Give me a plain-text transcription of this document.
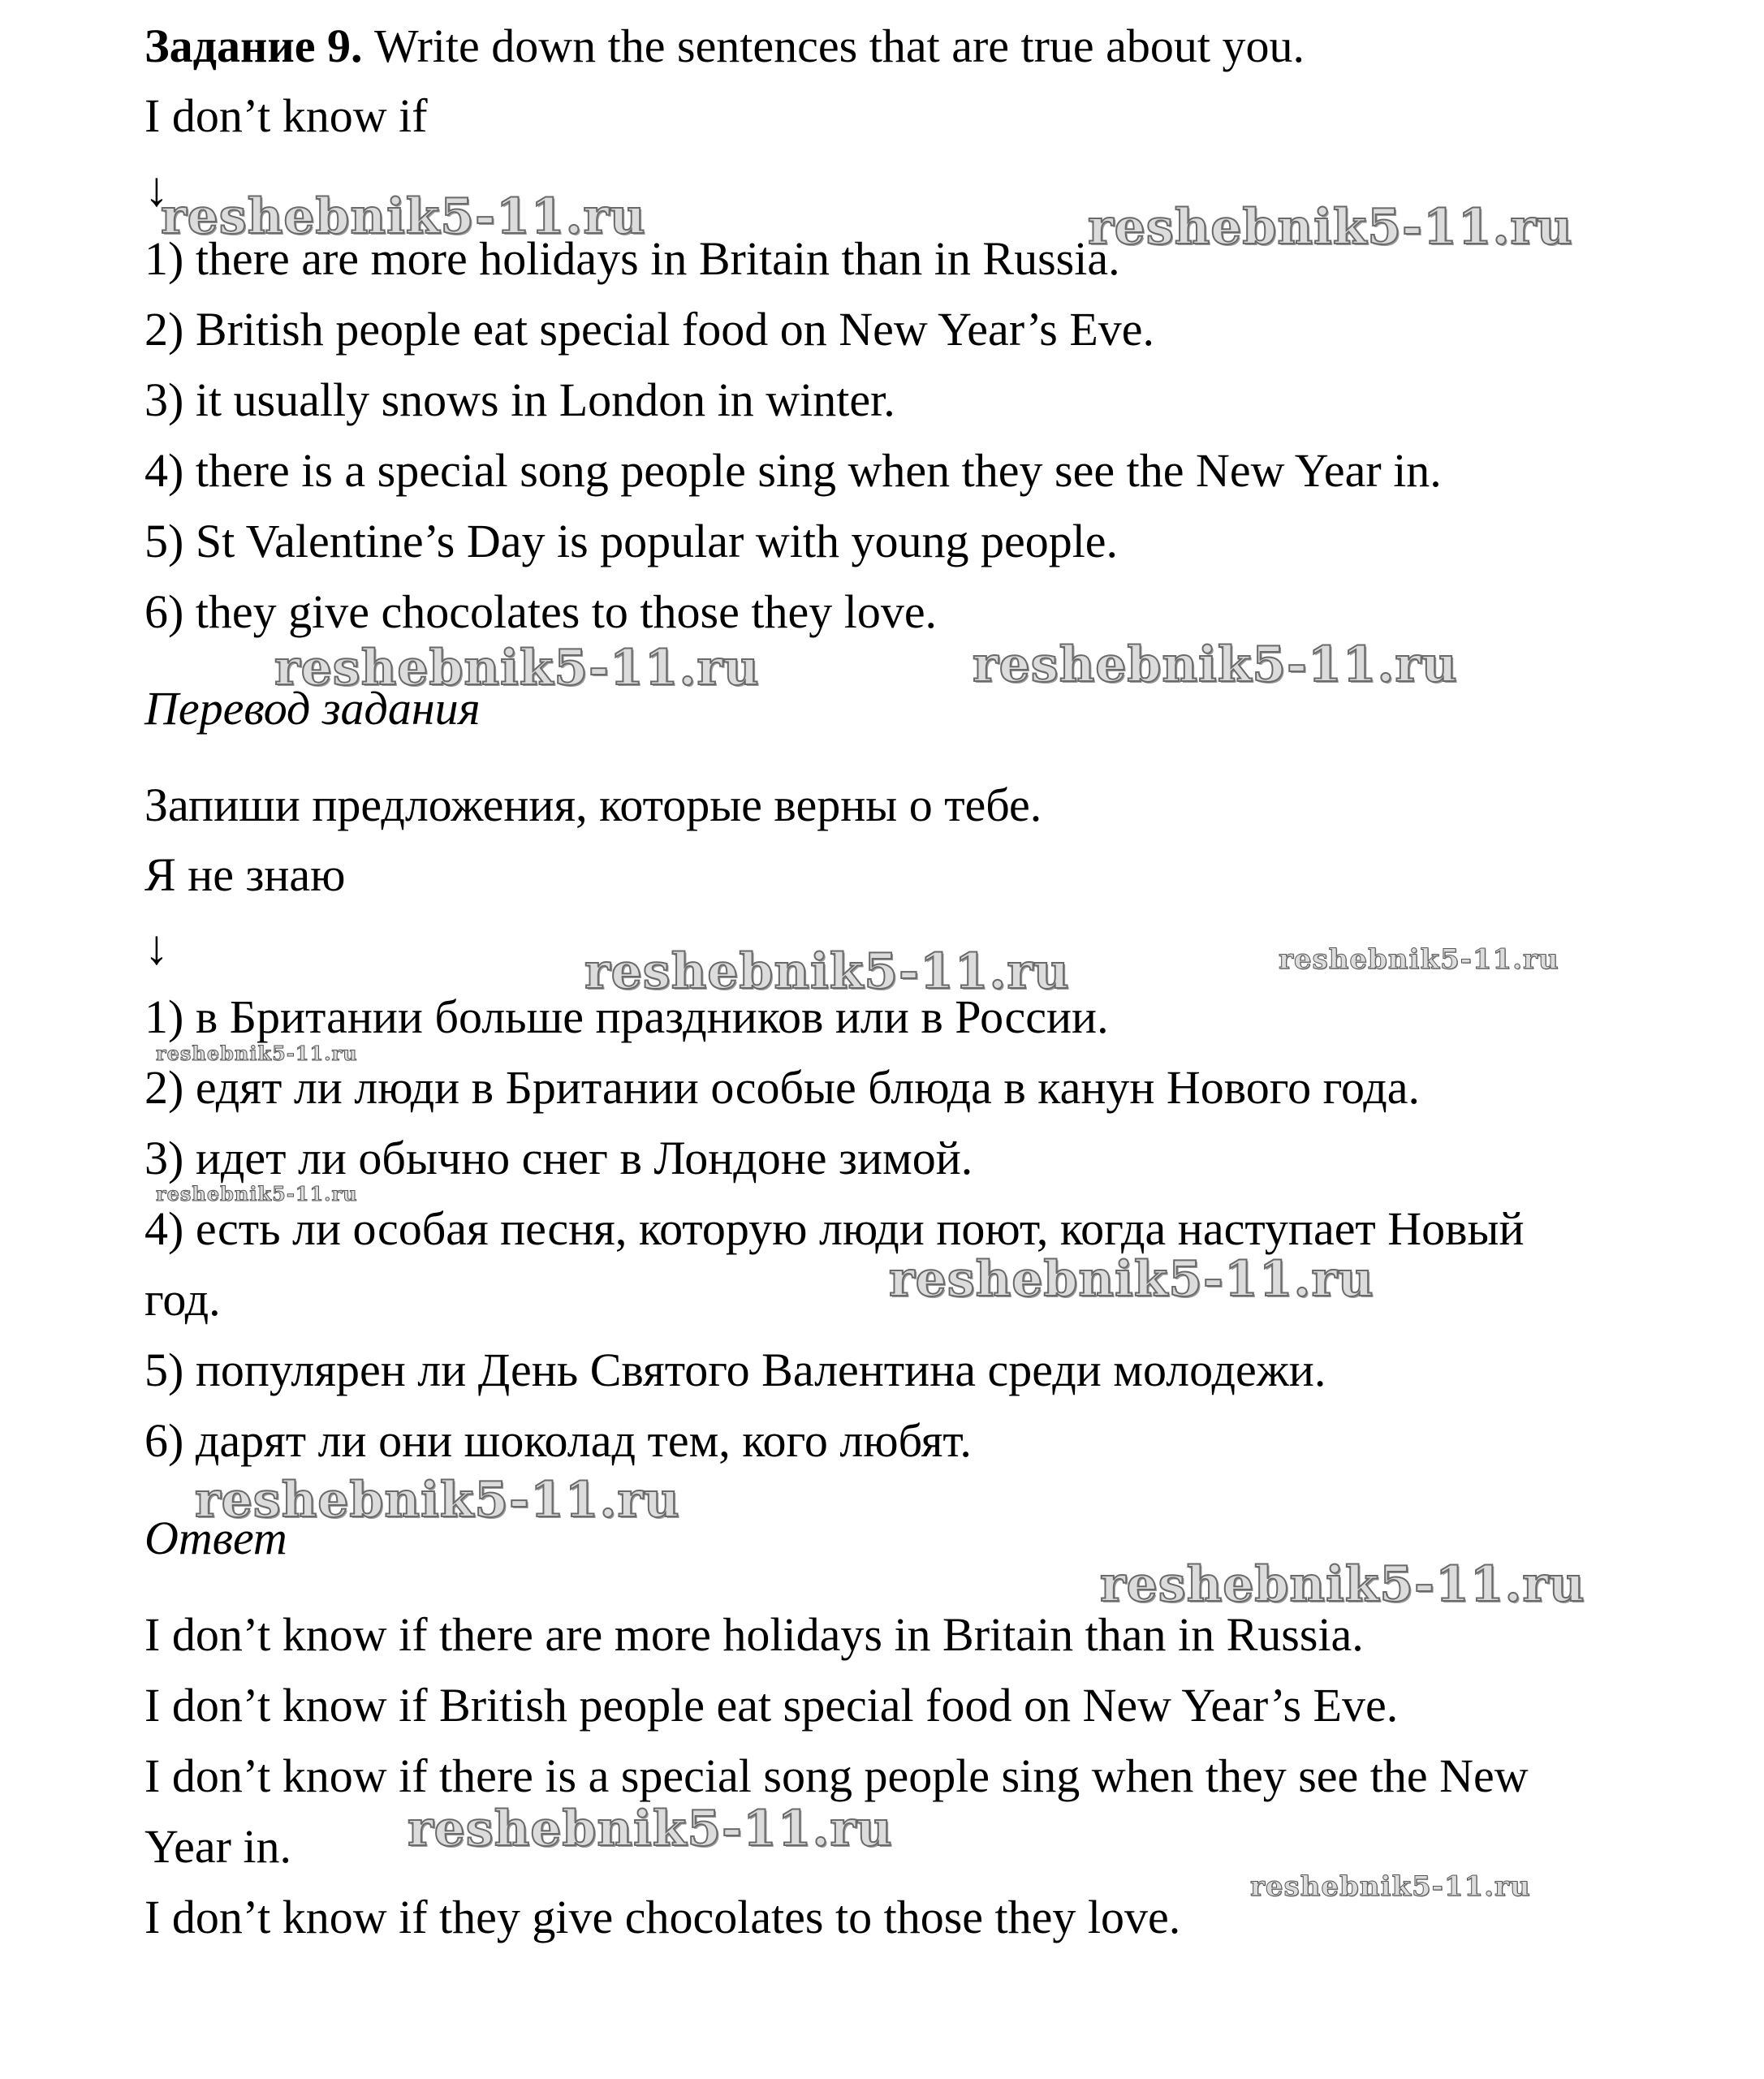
Задание 9. Write down the sentences that are true about you.
I don’t know if
↓
1) there are more holidays in Britain than in Russia.
2) British people eat special food on New Year’s Eve.
3) it usually snows in London in winter.
4) there is a special song people sing when they see the New Year in.
5) St Valentine’s Day is popular with young people.
6) they give chocolates to those they love.
Перевод задания
Запиши предложения, которые верны о тебе.
Я не знаю
↓
1) в Британии больше праздников или в России.
2) едят ли люди в Британии особые блюда в канун Нового года.
3) идет ли обычно снег в Лондоне зимой.
4) есть ли особая песня, которую люди поют, когда наступает Новый
год.
5) популярен ли День Святого Валентина среди молодежи.
6) дарят ли они шоколад тем, кого любят.
Ответ
I don’t know if there are more holidays in Britain than in Russia.
I don’t know if British people eat special food on New Year’s Eve.
I don’t know if there is a special song people sing when they see the New
Year in.
I don’t know if they give chocolates to those they love.
reshebnik5-11.ru	reshebnik5-11.ru
reshebnik5-11.ru	reshebnik5-11.ru
reshebnik5-11.ru	reshebnik5-11.ru
reshebnik5-11.ru
reshebnik5-11.ru
reshebnik5-11.ru
reshebnik5-11.ru
reshebnik5-11.ru
reshebnik5-11.ru
reshebnik5-11.ru
